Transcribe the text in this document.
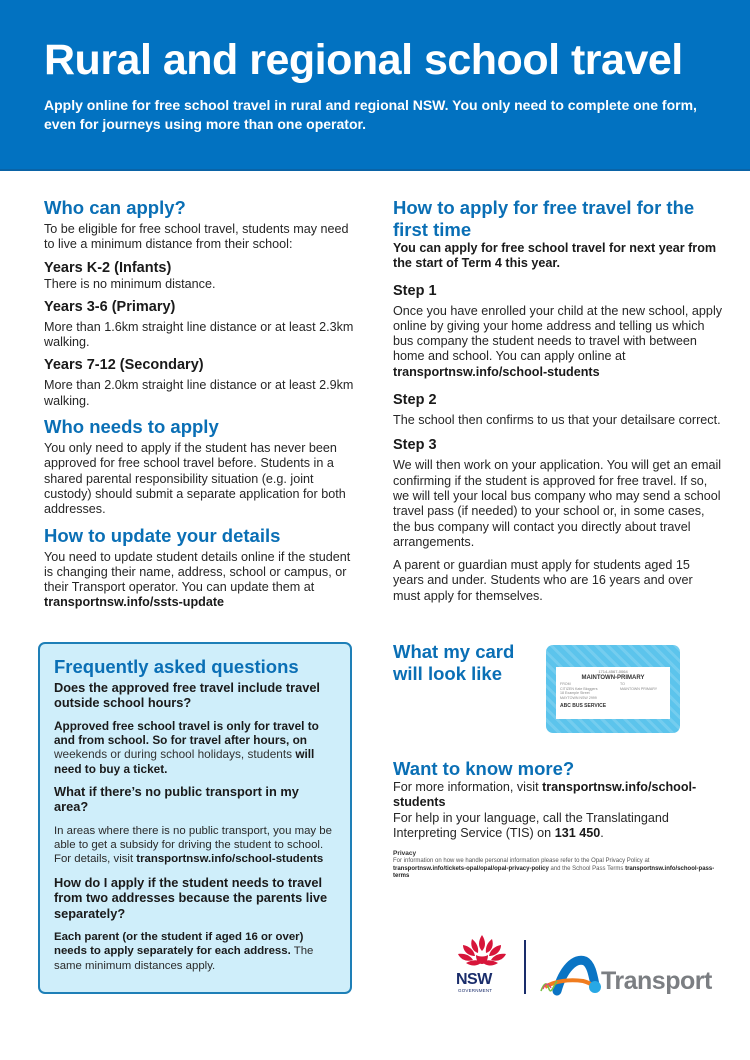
Rural and regional school travel

Apply online for free school travel in rural and regional NSW. You only need to complete one form, even for journeys using more than one operator.

Who can apply?

To be eligible for free school travel, students may need to live a minimum distance from their school:

Years K-2 (Infants)

There is no minimum distance.

Years 3-6 (Primary)

More than 1.6km straight line distance or at least 2.3km walking.

Years 7-12 (Secondary)

More than 2.0km straight line distance or at least 2.9km walking.

Who needs to apply

You only need to apply if the student has never been approved for free school travel before. Students in a shared parental responsibility situation (e.g. joint custody) should submit a separate application for both addresses.

How to update your details

You need to update student details online if the student is changing their name, address, school or campus, or their Transport operator. You can update them at transportnsw.info/ssts-update

Frequently asked questions
Does the approved free travel include travel outside school hours?

Approved free school travel is only for travel to and from school. So for travel after hours, on weekends or during school holidays, students will need to buy a ticket.

What if there’s no public transport in my area?

In areas where there is no public transport, you may be able to get a subsidy for driving the student to school. For details, visit transportnsw.info/school-students

How do I apply if the student needs to travel from two addresses because the parents live separately?

Each parent (or the student if aged 16 or over) needs to apply separately for each address. The same minimum distances apply.

How to apply for free travel for the first time

You can apply for free school travel for next year from the start of Term 4 this year.

Step 1

Once you have enrolled your child at the new school, apply online by giving your home address and telling us which bus company the student needs to travel with between home and school. You can apply online at transportnsw.info/school-students

Step 2

The school then confirms to us that your detailsare correct.

Step 3

We will then work on your application. You will get an email confirming if the student is approved for free travel. If so, we will tell your local bus company who may send a school travel pass (if needed) to your school or, in some cases, the bus company will contact you directly about travel arrangements.

A parent or guardian must apply for students aged 15 years and under. Students who are 16 years and over must apply for themselves.

What my card will look like	1714-4567-0064
MAINTOWN-PRIMARY
FROM	TO
CITIZEN Kate Bloggers	MAINTOWN PRIMARY
18 Example Street
MAYTOWN NSW 2999
ABC BUS SERVICE
Want to know more?

For more information, visit transportnsw.info/school-students

For help in your language, call the Translatingand Interpreting Service (TIS) on 131 450.

Privacy

For information on how we handle personal information please refer to the Opal Privacy Policy at transportnsw.info/tickets-opal/opal/opal-privacy-policy and the School Pass Terms transportnsw.info/school-pass-terms

NSW
GOVERNMENT	Transport
